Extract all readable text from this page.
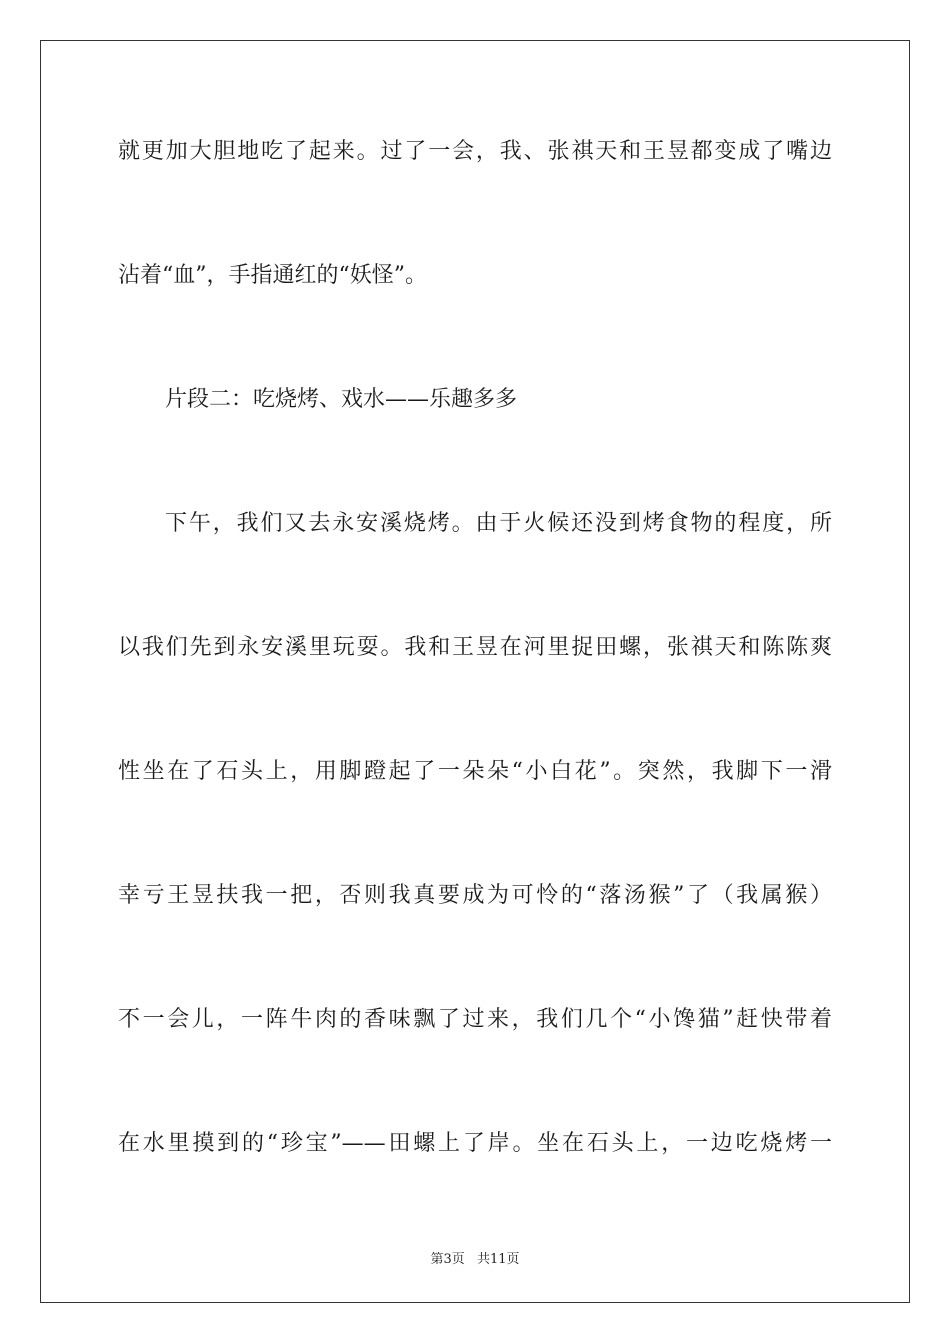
就更加大胆地吃了起来。过了一会，我、张祺天和王昱都变成了嘴边
沾着“血”，手指通红的“妖怪”。
片段二：吃烧烤、戏水——乐趣多多
下午，我们又去永安溪烧烤。由于火候还没到烤食物的程度，所
以我们先到永安溪里玩耍。我和王昱在河里捉田螺，张祺天和陈陈爽
性坐在了石头上，用脚蹬起了一朵朵“小白花”。突然，我脚下一滑
幸亏王昱扶我一把，否则我真要成为可怜的“落汤猴”了（我属猴）
不一会儿，一阵牛肉的香味飘了过来，我们几个“小馋猫”赶快带着
在水里摸到的“珍宝”——田螺上了岸。坐在石头上，一边吃烧烤一
第3页 共11页
